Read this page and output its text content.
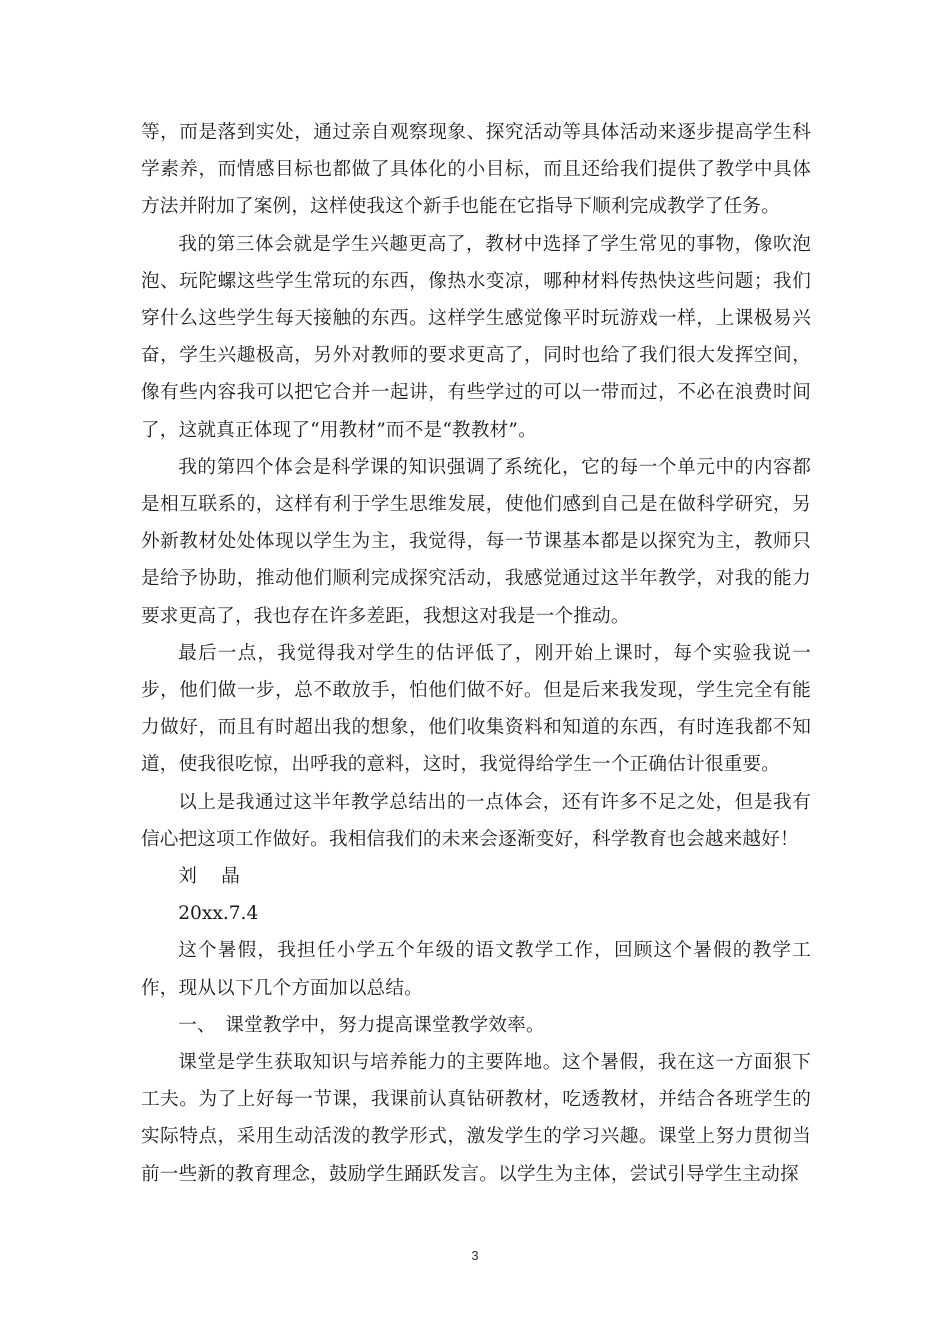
等，而是落到实处，通过亲自观察现象、探究活动等具体活动来逐步提高学生科学素养，而情感目标也都做了具体化的小目标，而且还给我们提供了教学中具体方法并附加了案例，这样使我这个新手也能在它指导下顺利完成教学了任务。

我的第三体会就是学生兴趣更高了，教材中选择了学生常见的事物，像吹泡泡、玩陀螺这些学生常玩的东西，像热水变凉，哪种材料传热快这些问题；我们穿什么这些学生每天接触的东西。这样学生感觉像平时玩游戏一样，上课极易兴奋，学生兴趣极高，另外对教师的要求更高了，同时也给了我们很大发挥空间，像有些内容我可以把它合并一起讲，有些学过的可以一带而过，不必在浪费时间了，这就真正体现了“用教材”而不是“教教材”。

我的第四个体会是科学课的知识强调了系统化，它的每一个单元中的内容都是相互联系的，这样有利于学生思维发展，使他们感到自己是在做科学研究，另外新教材处处体现以学生为主，我觉得，每一节课基本都是以探究为主，教师只是给予协助，推动他们顺利完成探究活动，我感觉通过这半年教学，对我的能力要求更高了，我也存在许多差距，我想这对我是一个推动。

最后一点，我觉得我对学生的估评低了，刚开始上课时，每个实验我说一步，他们做一步，总不敢放手，怕他们做不好。但是后来我发现，学生完全有能力做好，而且有时超出我的想象，他们收集资料和知道的东西，有时连我都不知道，使我很吃惊，出呼我的意料，这时，我觉得给学生一个正确估计很重要。

以上是我通过这半年教学总结出的一点体会，还有许多不足之处，但是我有信心把这项工作做好。我相信我们的未来会逐渐变好，科学教育也会越来越好！

刘　 晶

20xx.7.4

这个暑假，我担任小学五个年级的语文教学工作，回顾这个暑假的教学工作，现从以下几个方面加以总结。

一、　课堂教学中，努力提高课堂教学效率。

课堂是学生获取知识与培养能力的主要阵地。这个暑假，我在这一方面狠下工夫。为了上好每一节课，我课前认真钻研教材，吃透教材，并结合各班学生的实际特点，采用生动活泼的教学形式，激发学生的学习兴趣。课堂上努力贯彻当前一些新的教育理念，鼓励学生踊跃发言。以学生为主体，尝试引导学生主动探

3
